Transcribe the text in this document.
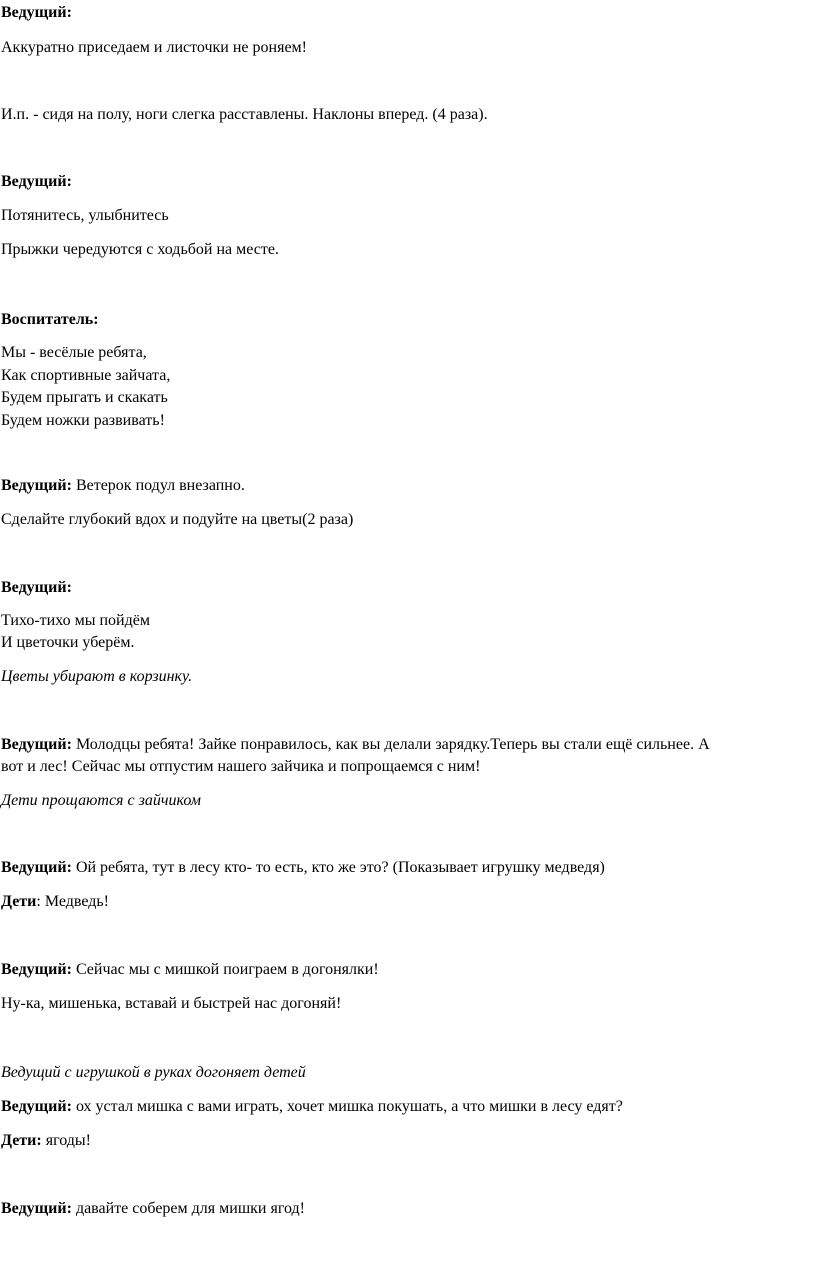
Ведущий:
Аккуратно приседаем и листочки не роняем!
И.п. - сидя на полу, ноги слегка расставлены. Наклоны вперед. (4 раза).
Ведущий:
Потянитесь, улыбнитесь
Прыжки чередуются с ходьбой на месте.
Воспитатель:
Мы - весёлые ребята,
Как спортивные зайчата,
Будем прыгать и скакать
Будем ножки развивать!
Ведущий: Ветерок подул внезапно.
Сделайте глубокий вдох и подуйте на цветы(2 раза)
Ведущий:
Тихо-тихо мы пойдём
И цветочки уберём.
Цветы убирают в корзинку.
Ведущий: Молодцы ребята! Зайке понравилось, как вы делали зарядку.Теперь вы стали ещё сильнее. А
вот и лес! Сейчас мы отпустим нашего зайчика и попрощаемся с ним!
Дети прощаются с зайчиком
Ведущий: Ой ребята, тут в лесу кто- то есть, кто же это? (Показывает игрушку медведя)
Дети: Медведь!
Ведущий: Сейчас мы с мишкой поиграем в догонялки!
Ну-ка, мишенька, вставай и быстрей нас догоняй!
Ведущий с игрушкой в руках догоняет детей
Ведущий: ох устал мишка с вами играть, хочет мишка покушать, а что мишки в лесу едят?
Дети: ягоды!
Ведущий: давайте соберем для мишки ягод!
